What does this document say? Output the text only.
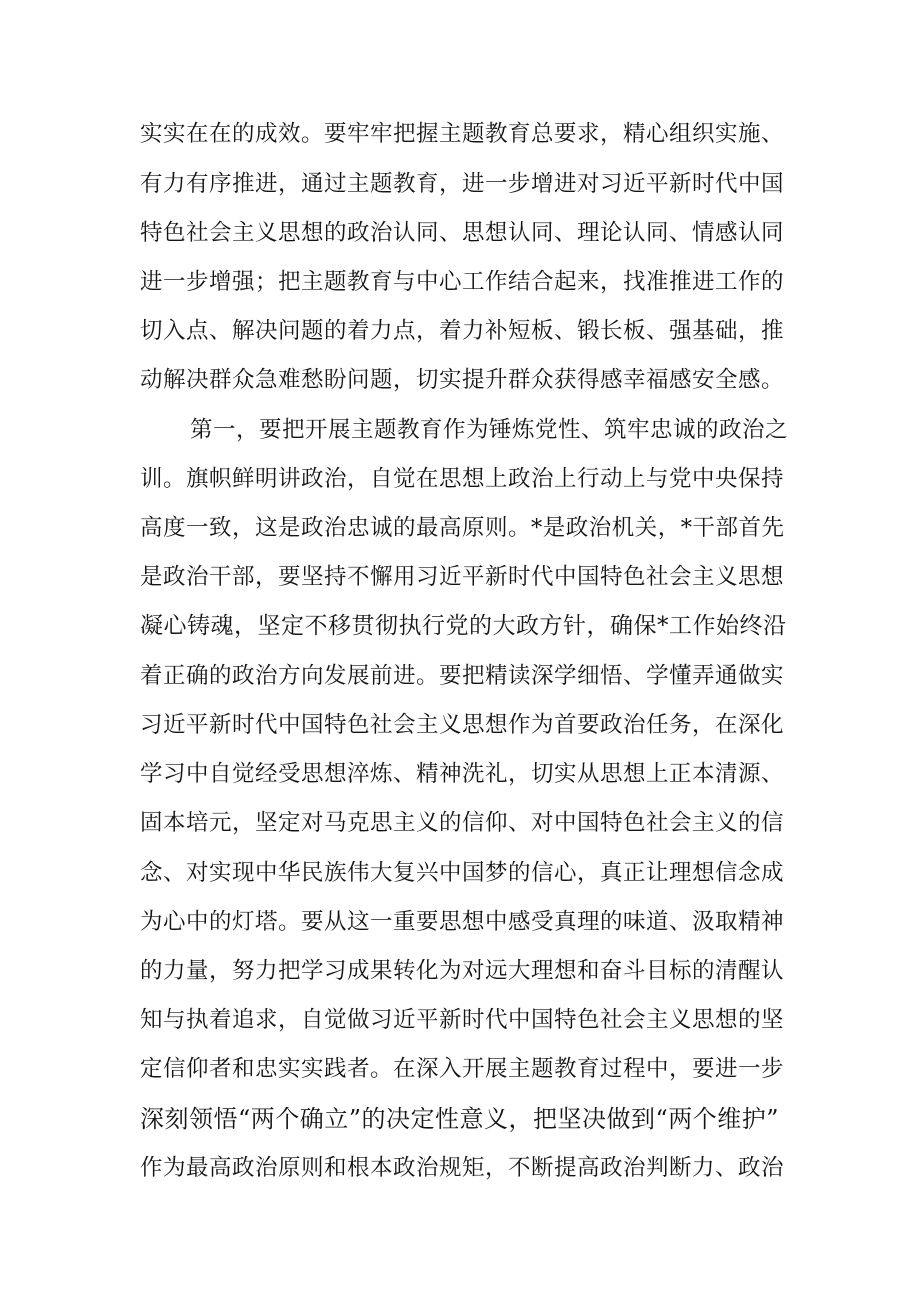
实实在在的成效。要牢牢把握主题教育总要求，精心组织实施、
有力有序推进，通过主题教育，进一步增进对习近平新时代中国
特色社会主义思想的政治认同、思想认同、理论认同、情感认同
进一步增强；把主题教育与中心工作结合起来，找准推进工作的
切入点、解决问题的着力点，着力补短板、锻长板、强基础，推
动解决群众急难愁盼问题，切实提升群众获得感幸福感安全感。
第一，要把开展主题教育作为锤炼党性、筑牢忠诚的政治之
训。旗帜鲜明讲政治，自觉在思想上政治上行动上与党中央保持
高度一致，这是政治忠诚的最高原则。*是政治机关，*干部首先
是政治干部，要坚持不懈用习近平新时代中国特色社会主义思想
凝心铸魂，坚定不移贯彻执行党的大政方针，确保*工作始终沿
着正确的政治方向发展前进。要把精读深学细悟、学懂弄通做实
习近平新时代中国特色社会主义思想作为首要政治任务，在深化
学习中自觉经受思想淬炼、精神洗礼，切实从思想上正本清源、
固本培元，坚定对马克思主义的信仰、对中国特色社会主义的信
念、对实现中华民族伟大复兴中国梦的信心，真正让理想信念成
为心中的灯塔。要从这一重要思想中感受真理的味道、汲取精神
的力量，努力把学习成果转化为对远大理想和奋斗目标的清醒认
知与执着追求，自觉做习近平新时代中国特色社会主义思想的坚
定信仰者和忠实实践者。在深入开展主题教育过程中，要进一步
深刻领悟“两个确立”的决定性意义，把坚决做到“两个维护”
作为最高政治原则和根本政治规矩，不断提高政治判断力、政治
